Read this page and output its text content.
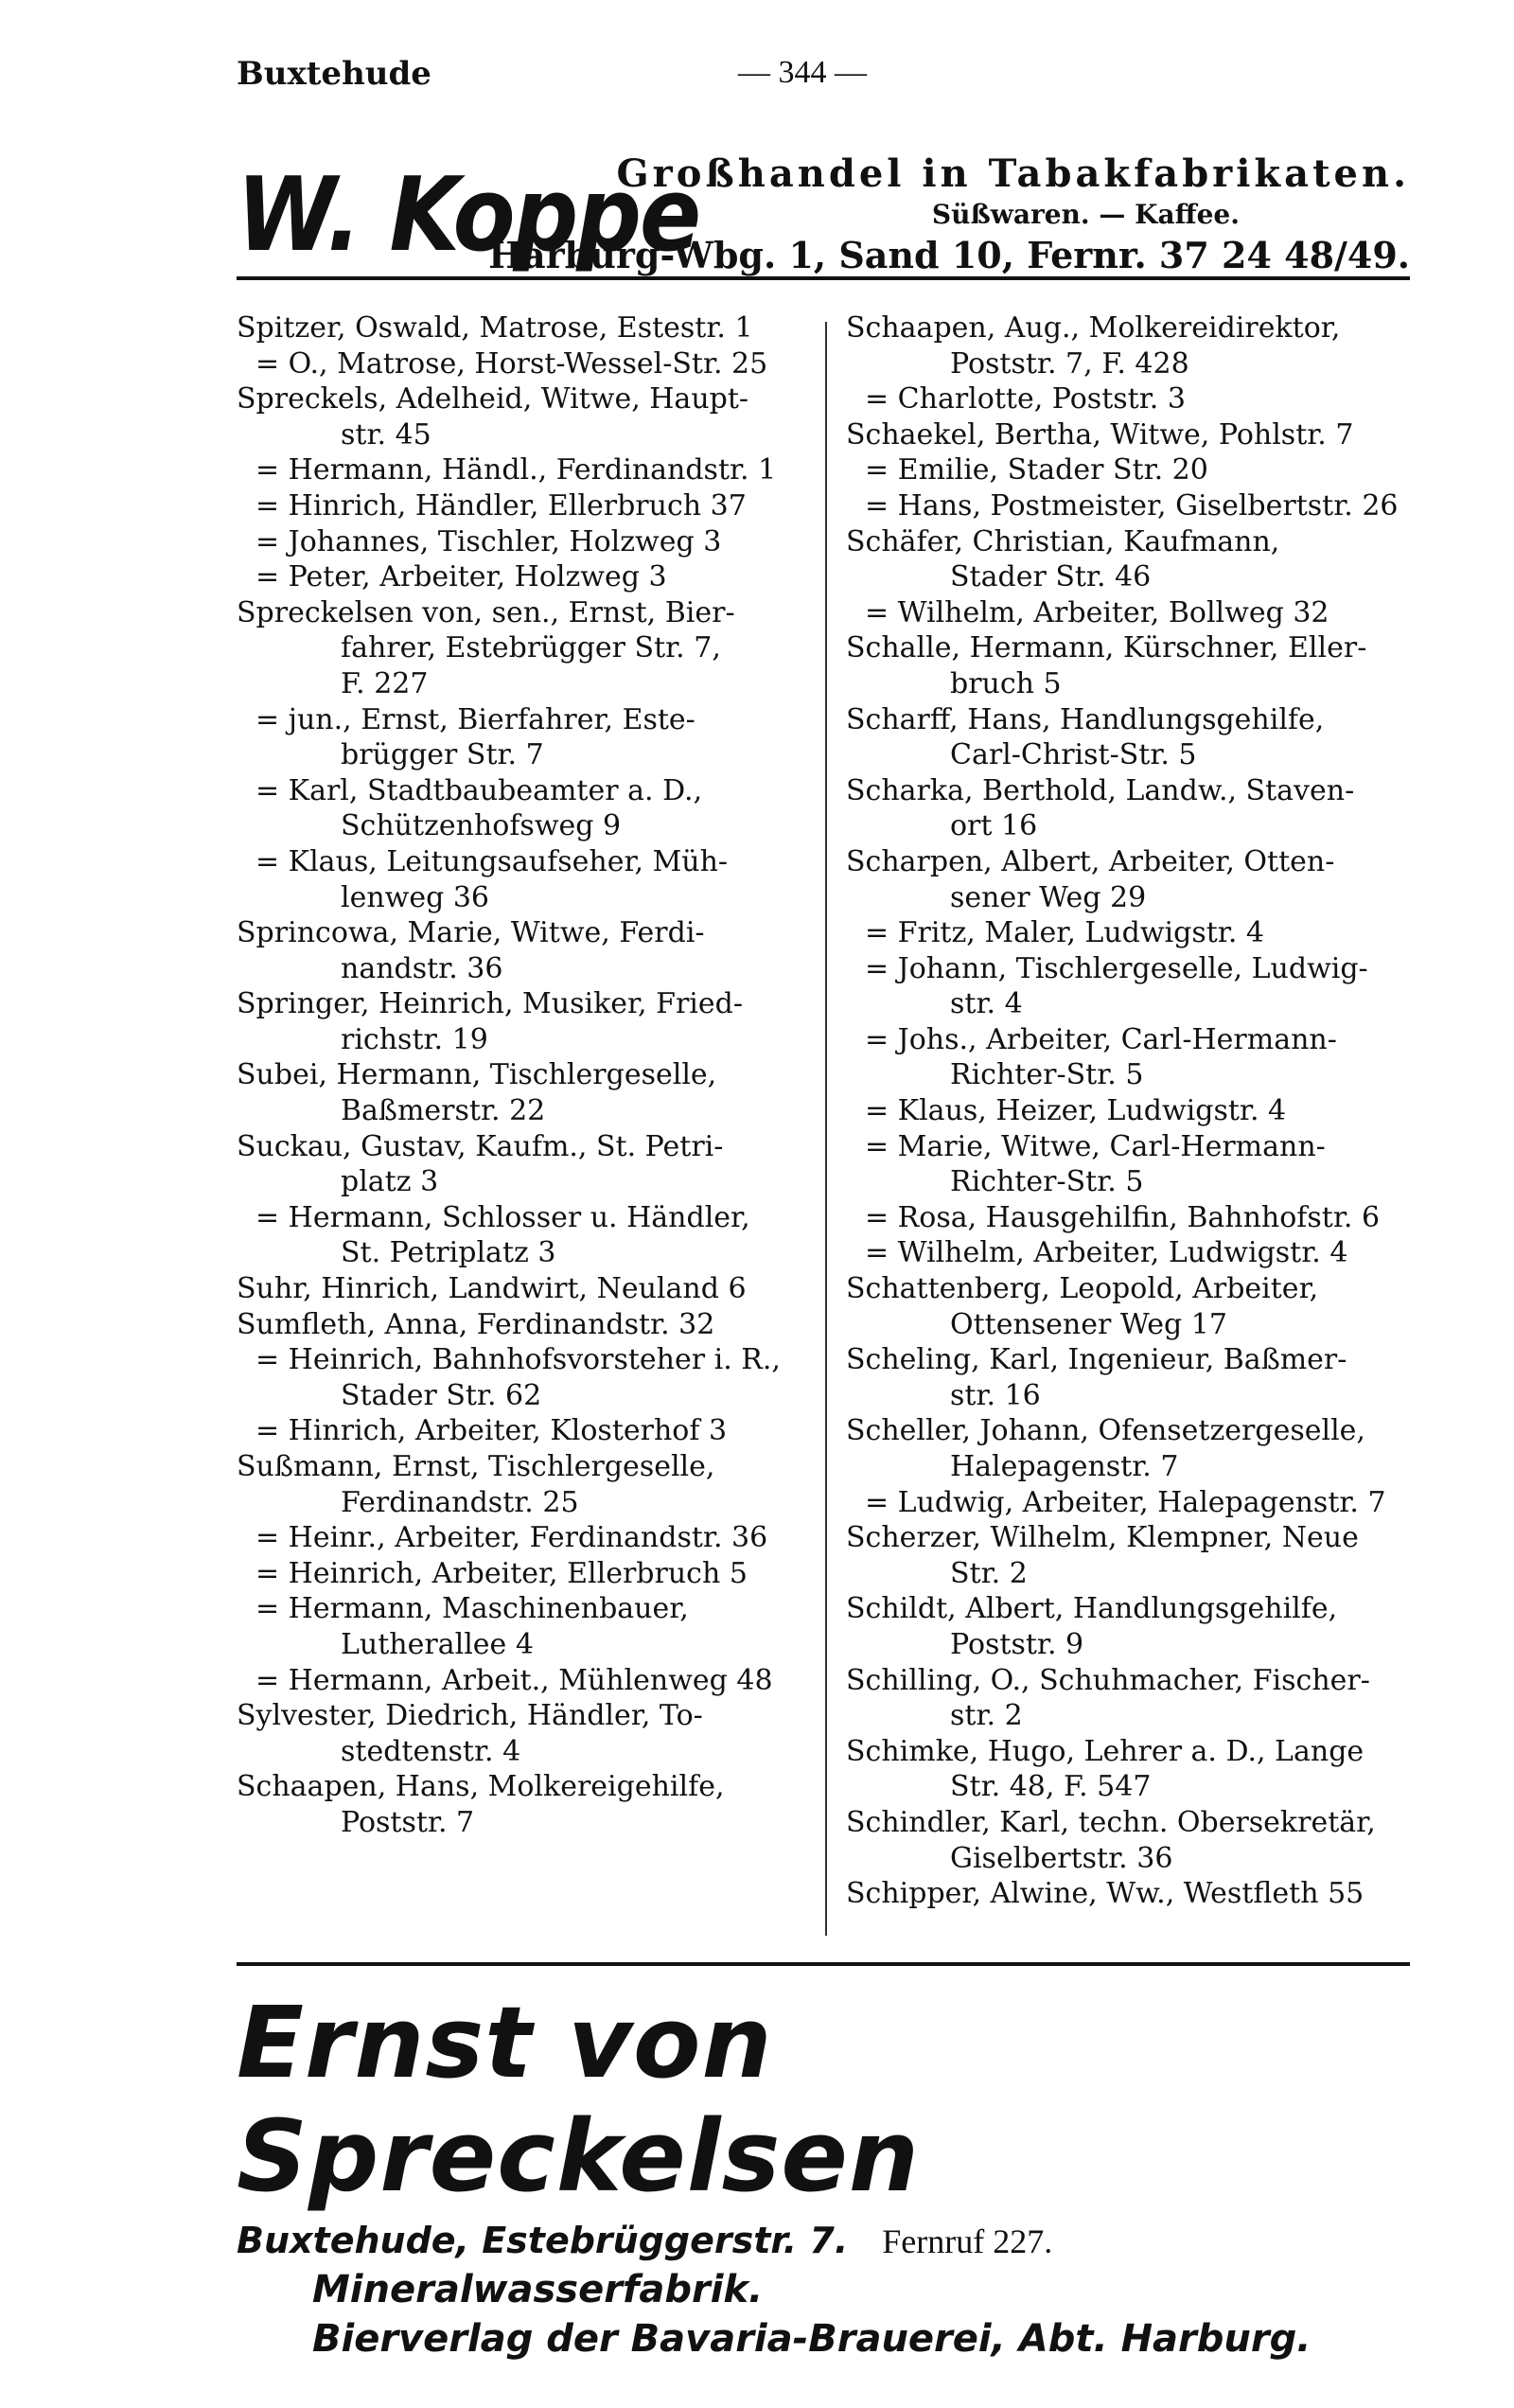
Buxtehude	— 344 —
W. Koppe
Großhandel in Tabakfabrikaten.
Süßwaren. — Kaffee.
Harburg-Wbg. 1, Sand 10, Fernr. 37 24 48/49.
Spitzer, Oswald, Matrose, Estestr. 1
= O., Matrose, Horst-Wessel-Str. 25
Spreckels, Adelheid, Witwe, Haupt-
str. 45
= Hermann, Händl., Ferdinandstr. 1
= Hinrich, Händler, Ellerbruch 37
= Johannes, Tischler, Holzweg 3
= Peter, Arbeiter, Holzweg 3
Spreckelsen von, sen., Ernst, Bier-
fahrer, Estebrügger Str. 7,
F. 227
= jun., Ernst, Bierfahrer, Este-
brügger Str. 7
= Karl, Stadtbaubeamter a. D.,
Schützenhofsweg 9
= Klaus, Leitungsaufseher, Müh-
lenweg 36
Sprincowa, Marie, Witwe, Ferdi-
nandstr. 36
Springer, Heinrich, Musiker, Fried-
richstr. 19
Subei, Hermann, Tischlergeselle,
Baßmerstr. 22
Suckau, Gustav, Kaufm., St. Petri-
platz 3
= Hermann, Schlosser u. Händler,
St. Petriplatz 3
Suhr, Hinrich, Landwirt, Neuland 6
Sumfleth, Anna, Ferdinandstr. 32
= Heinrich, Bahnhofsvorsteher i. R.,
Stader Str. 62
= Hinrich, Arbeiter, Klosterhof 3
Sußmann, Ernst, Tischlergeselle,
Ferdinandstr. 25
= Heinr., Arbeiter, Ferdinandstr. 36
= Heinrich, Arbeiter, Ellerbruch 5
= Hermann, Maschinenbauer,
Lutherallee 4
= Hermann, Arbeit., Mühlenweg 48
Sylvester, Diedrich, Händler, To-
stedtenstr. 4
Schaapen, Hans, Molkereigehilfe,
Poststr. 7
Schaapen, Aug., Molkereidirektor,
Poststr. 7, F. 428
= Charlotte, Poststr. 3
Schaekel, Bertha, Witwe, Pohlstr. 7
= Emilie, Stader Str. 20
= Hans, Postmeister, Giselbertstr. 26
Schäfer, Christian, Kaufmann,
Stader Str. 46
= Wilhelm, Arbeiter, Bollweg 32
Schalle, Hermann, Kürschner, Eller-
bruch 5
Scharff, Hans, Handlungsgehilfe,
Carl-Christ-Str. 5
Scharka, Berthold, Landw., Staven-
ort 16
Scharpen, Albert, Arbeiter, Otten-
sener Weg 29
= Fritz, Maler, Ludwigstr. 4
= Johann, Tischlergeselle, Ludwig-
str. 4
= Johs., Arbeiter, Carl-Hermann-
Richter-Str. 5
= Klaus, Heizer, Ludwigstr. 4
= Marie, Witwe, Carl-Hermann-
Richter-Str. 5
= Rosa, Hausgehilfin, Bahnhofstr. 6
= Wilhelm, Arbeiter, Ludwigstr. 4
Schattenberg, Leopold, Arbeiter,
Ottensener Weg 17
Scheling, Karl, Ingenieur, Baßmer-
str. 16
Scheller, Johann, Ofensetzergeselle,
Halepagenstr. 7
= Ludwig, Arbeiter, Halepagenstr. 7
Scherzer, Wilhelm, Klempner, Neue
Str. 2
Schildt, Albert, Handlungsgehilfe,
Poststr. 9
Schilling, O., Schuhmacher, Fischer-
str. 2
Schimke, Hugo, Lehrer a. D., Lange
Str. 48, F. 547
Schindler, Karl, techn. Obersekretär,
Giselbertstr. 36
Schipper, Alwine, Ww., Westfleth 55
Ernst von Spreckelsen
Buxtehude, Estebrüggerstr. 7. Fernruf 227.
Mineralwasserfabrik.
Bierverlag der Bavaria-Brauerei, Abt. Harburg.
